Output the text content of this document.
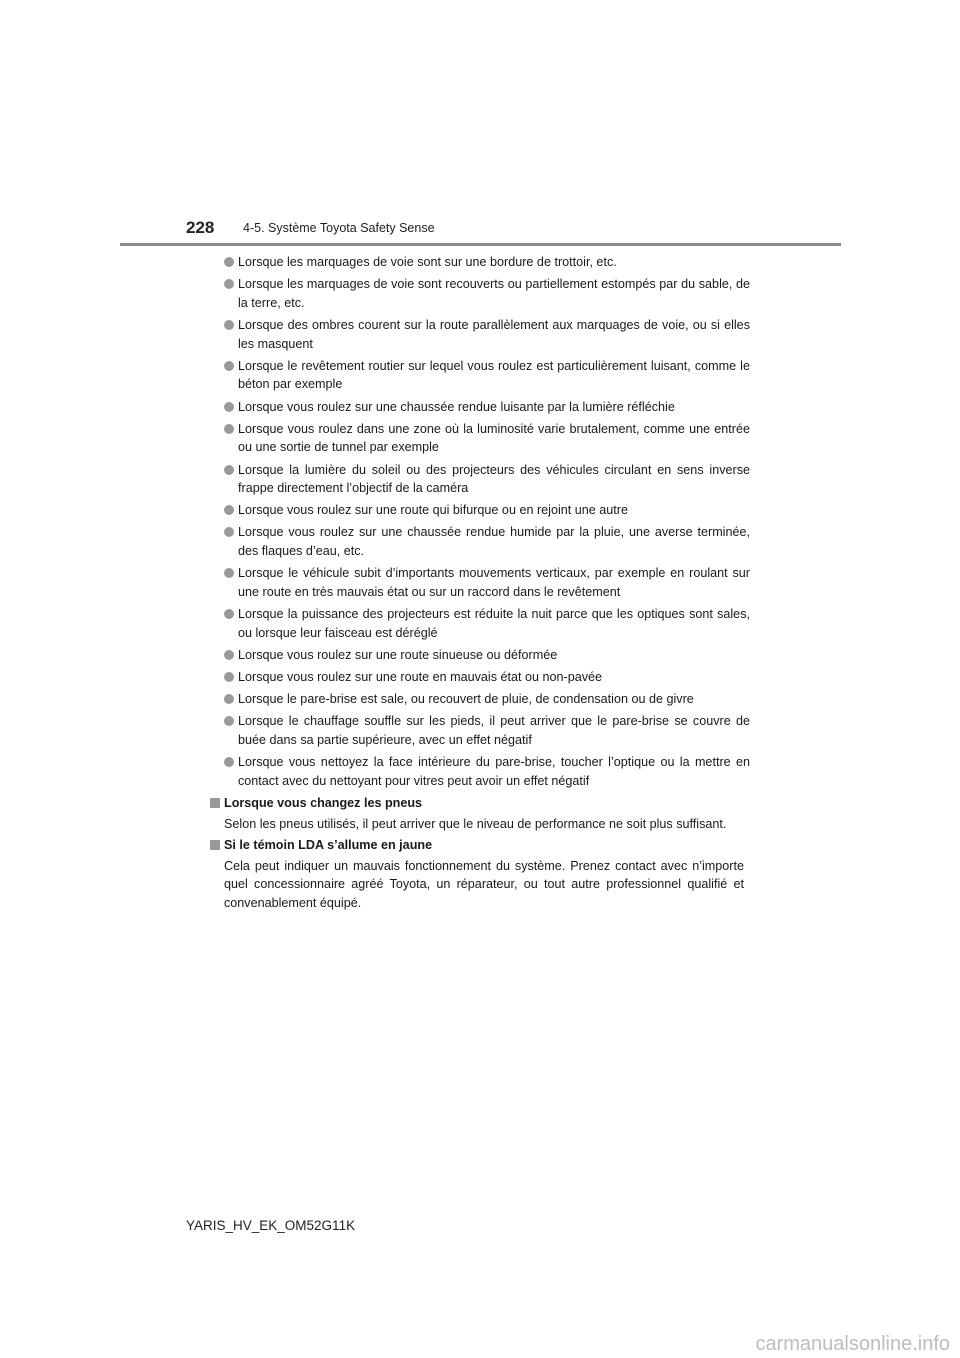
228 4-5. Système Toyota Safety Sense
Lorsque les marquages de voie sont sur une bordure de trottoir, etc.
Lorsque les marquages de voie sont recouverts ou partiellement estompés par du sable, de la terre, etc.
Lorsque des ombres courent sur la route parallèlement aux marquages de voie, ou si elles les masquent
Lorsque le revêtement routier sur lequel vous roulez est particulièrement luisant, comme le béton par exemple
Lorsque vous roulez sur une chaussée rendue luisante par la lumière réfléchie
Lorsque vous roulez dans une zone où la luminosité varie brutalement, comme une entrée ou une sortie de tunnel par exemple
Lorsque la lumière du soleil ou des projecteurs des véhicules circulant en sens inverse frappe directement l’objectif de la caméra
Lorsque vous roulez sur une route qui bifurque ou en rejoint une autre
Lorsque vous roulez sur une chaussée rendue humide par la pluie, une averse terminée, des flaques d’eau, etc.
Lorsque le véhicule subit d’importants mouvements verticaux, par exemple en roulant sur une route en très mauvais état ou sur un raccord dans le revêtement
Lorsque la puissance des projecteurs est réduite la nuit parce que les optiques sont sales, ou lorsque leur faisceau est déréglé
Lorsque vous roulez sur une route sinueuse ou déformée
Lorsque vous roulez sur une route en mauvais état ou non-pavée
Lorsque le pare-brise est sale, ou recouvert de pluie, de condensation ou de givre
Lorsque le chauffage souffle sur les pieds, il peut arriver que le pare-brise se couvre de buée dans sa partie supérieure, avec un effet négatif
Lorsque vous nettoyez la face intérieure du pare-brise, toucher l’optique ou la mettre en contact avec du nettoyant pour vitres peut avoir un effet négatif
Lorsque vous changez les pneus
Selon les pneus utilisés, il peut arriver que le niveau de performance ne soit plus suffisant.
Si le témoin LDA s’allume en jaune
Cela peut indiquer un mauvais fonctionnement du système. Prenez contact avec n’importe quel concessionnaire agréé Toyota, un réparateur, ou tout autre professionnel qualifié et convenablement équipé.
YARIS_HV_EK_OM52G11K
carmanualsonline.info
